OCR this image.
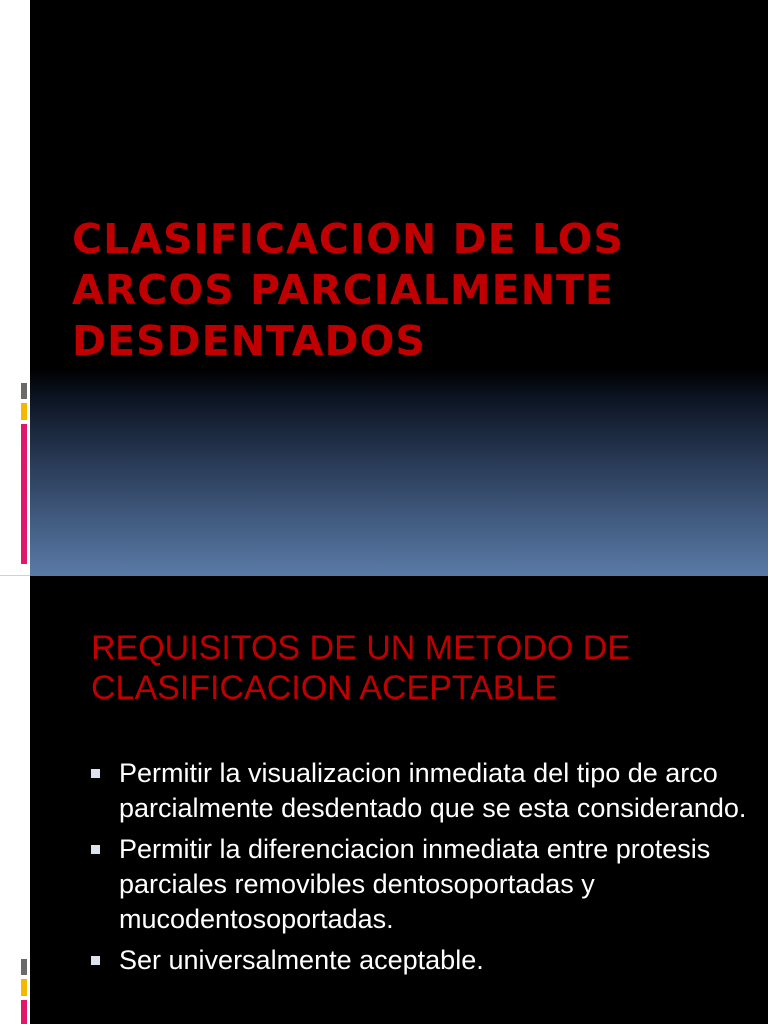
CLASIFICACION DE LOS ARCOS PARCIALMENTE DESDENTADOS
REQUISITOS DE UN METODO DE CLASIFICACION ACEPTABLE
Permitir la visualizacion inmediata del tipo de arco parcialmente desdentado que se esta considerando.
Permitir la diferenciacion inmediata entre protesis parciales removibles dentosoportadas y mucodentosoportadas.
Ser universalmente aceptable.
